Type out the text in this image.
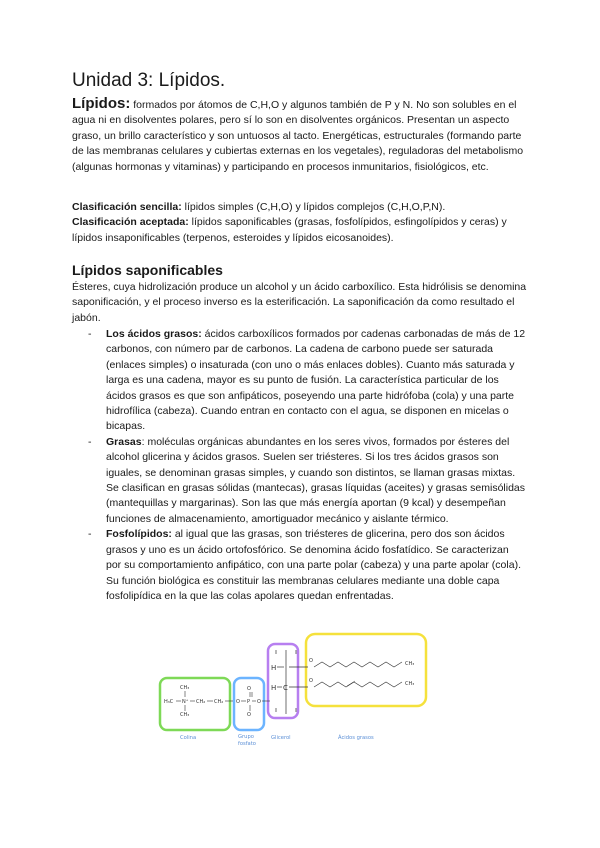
Unidad 3: Lípidos.

Lípidos: formados por átomos de C,H,O y algunos también de P y N. No son solubles en el agua ni en disolventes polares, pero sí lo son en disolventes orgánicos. Presentan un aspecto graso, un brillo característico y son untuosos al tacto. Energéticas, estructurales (formando parte de las membranas celulares y cubiertas externas en los vegetales), reguladoras del metabolismo (algunas hormonas y vitaminas) y participando en procesos inmunitarios, fisiológicos, etc.

Clasificación sencilla: lípidos simples (C,H,O) y lípidos complejos (C,H,O,P,N).
Clasificación aceptada: lípidos saponificables (grasas, fosfolípidos, esfingolípidos y ceras) y lípidos insaponificables (terpenos, esteroides y lípidos eicosanoides).

Lípidos saponificables

Ésteres, cuya hidrolización produce un alcohol y un ácido carboxílico. Esta hidrólisis se denomina saponificación, y el proceso inverso es la esterificación. La saponificación da como resultado el jabón.

- Los ácidos grasos: ácidos carboxílicos formados por cadenas carbonadas de más de 12 carbonos, con número par de carbonos. La cadena de carbono puede ser saturada (enlaces simples) o insaturada (con uno o más enlaces dobles). Cuanto más saturada y larga es una cadena, mayor es su punto de fusión. La característica particular de los ácidos grasos es que son anfipáticos, poseyendo una parte hidrófoba (cola) y una parte hidrofílica (cabeza). Cuando entran en contacto con el agua, se disponen en micelas o bicapas.
- Grasas: moléculas orgánicas abundantes en los seres vivos, formados por ésteres del alcohol glicerina y ácidos grasos. Suelen ser triésteres. Si los tres ácidos grasos son iguales, se denominan grasas simples, y cuando son distintos, se llaman grasas mixtas. Se clasifican en grasas sólidas (mantecas), grasas líquidas (aceites) y grasas semisólidas (mantequillas y margarinas). Son las que más energía aportan (9 kcal) y desempeñan funciones de almacenamiento, amortiguador mecánico y aislante térmico.
- Fosfolípidos: al igual que las grasas, son triésteres de glicerina, pero dos son ácidos grasos y uno es un ácido ortofosfórico. Se denomina ácido fosfatídico. Se caracterizan por su comportamiento anfipático, con una parte polar (cabeza) y una parte apolar (cola). Su función biológica es constituir las membranas celulares mediante una doble capa fosfolipídica en la que las colas apolares quedan enfrentadas.
CH₃
H₃C N⁺
CH₃
CH₂ CH₂	O P
O
O
O
H
H C
O
O
CH₃
CH₃
Colina	Grupo
fosfato
Glicerol	Ácidos grasos
